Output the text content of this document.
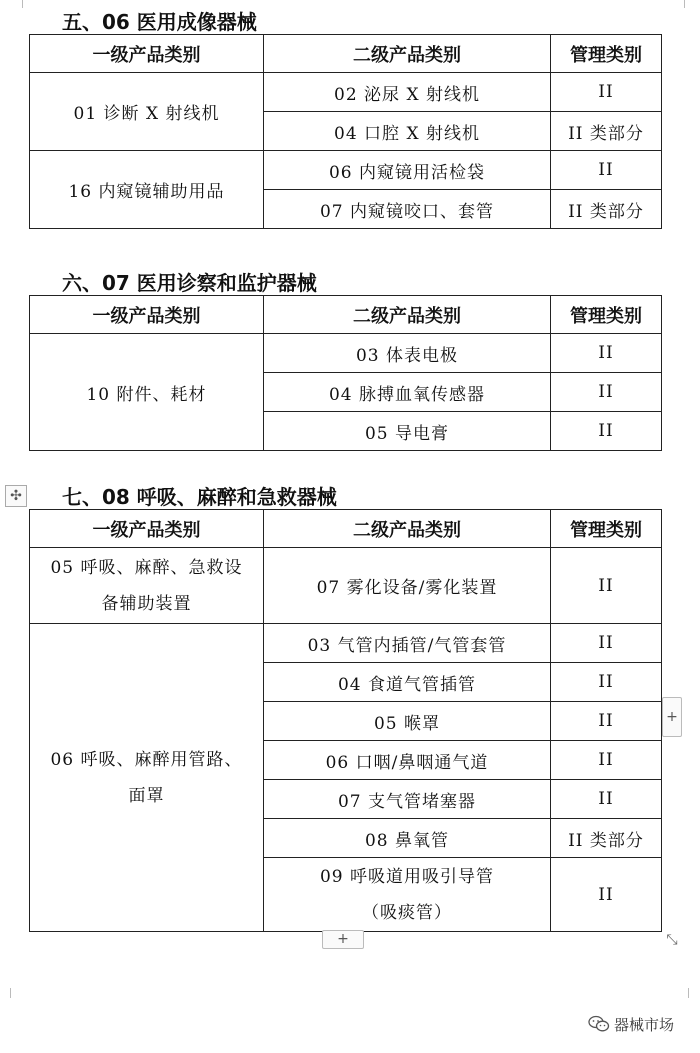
五、06 医用成像器械
一级产品类别	二级产品类别	管理类别
01 诊断 X 射线机	02 泌尿 X 射线机	II
	04 口腔 X 射线机	II 类部分
16 内窥镜辅助用品	06 内窥镜用活检袋	II
	07 内窥镜咬口、套管	II 类部分
六、07 医用诊察和监护器械
一级产品类别	二级产品类别	管理类别
10 附件、耗材	03 体表电极	II
	04 脉搏血氧传感器	II
	05 导电膏	II
✣ 七、08 呼吸、麻醉和急救器械
一级产品类别	二级产品类别	管理类别

05 呼吸、麻醉、急救设
备辅助装置	07 雾化设备/雾化装置	II

06 呼吸、麻醉用管路、
面罩	03 气管内插管/气管套管	II
	04 食道气管插管	II
	05 喉罩	II
	06 口咽/鼻咽通气道	II
	07 支气管堵塞器	II
	08 鼻氧管	II 类部分

	09 呼吸道用吸引导管
（吸痰管）	II
+
+	⤡
器械市场
